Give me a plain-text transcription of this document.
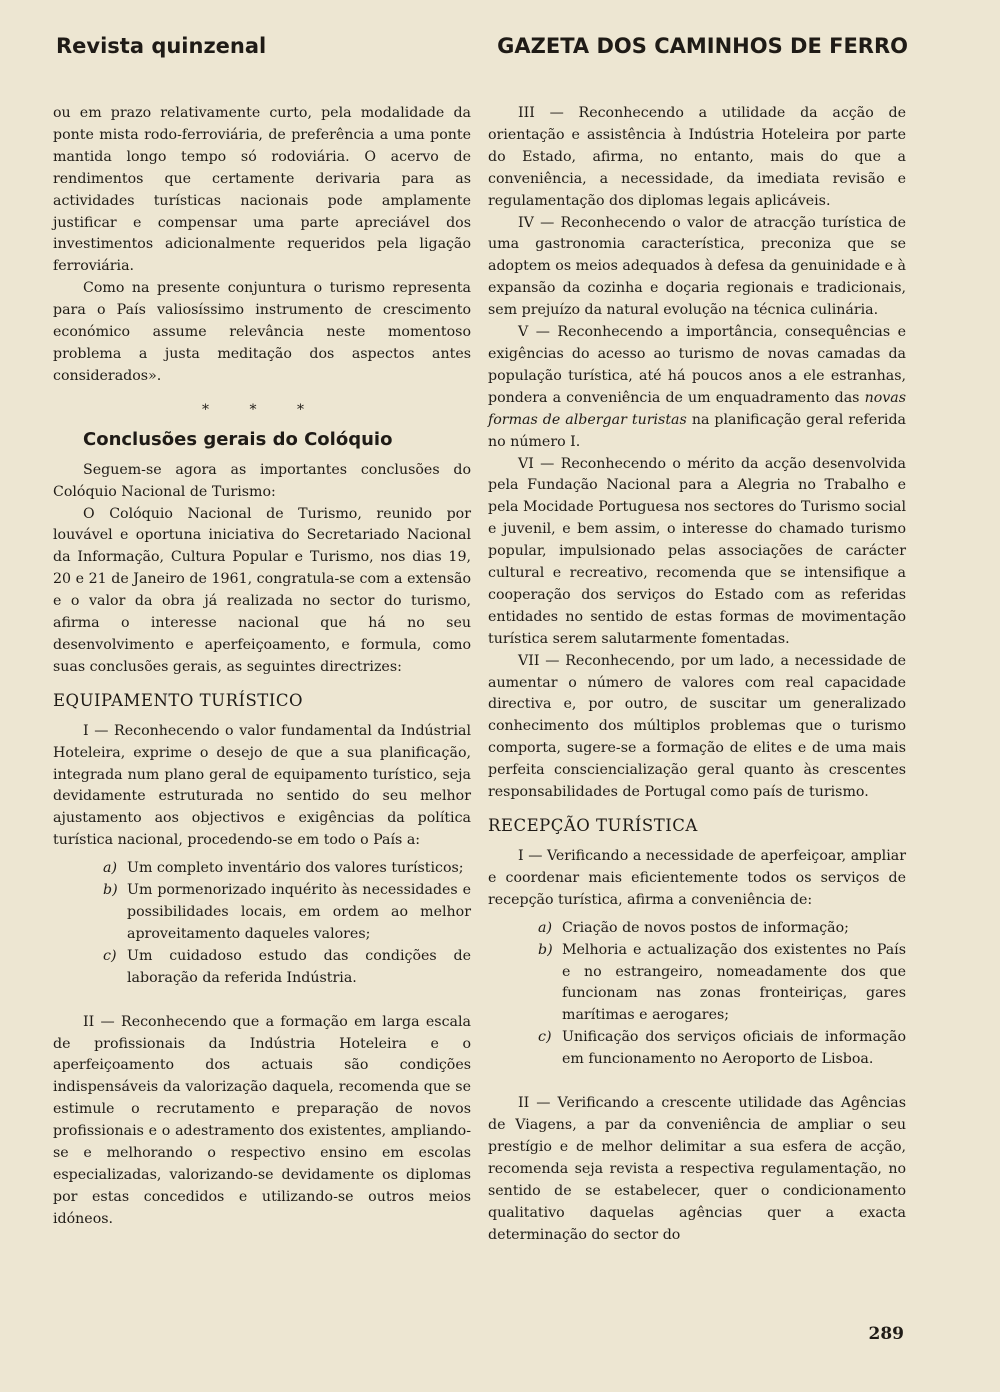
Revista quinzenal	GAZETA DOS CAMINHOS DE FERRO

ou em prazo relativamente curto, pela modalidade da ponte mista rodo-ferroviária, de preferência a uma ponte mantida longo tempo só rodoviária. O acervo de rendimentos que certamente derivaria para as actividades turísticas nacionais pode amplamente justificar e compensar uma parte apreciável dos investimentos adicionalmente requeridos pela ligação ferroviária.

Como na presente conjuntura o turismo representa para o País valiosíssimo instrumento de crescimento económico assume relevância neste momentoso problema a justa meditação dos aspectos antes considerados».

* * *
Conclusões gerais do Colóquio

Seguem-se agora as importantes conclusões do Colóquio Nacional de Turismo:

O Colóquio Nacional de Turismo, reunido por louvável e oportuna iniciativa do Secretariado Nacional da Informação, Cultura Popular e Turismo, nos dias 19, 20 e 21 de Janeiro de 1961, congratula-se com a extensão e o valor da obra já realizada no sector do turismo, afirma o interesse nacional que há no seu desenvolvimento e aperfeiçoamento, e formula, como suas conclusões gerais, as seguintes directrizes:

EQUIPAMENTO TURÍSTICO

I — Reconhecendo o valor fundamental da Indústrial Hoteleira, exprime o desejo de que a sua planificação, integrada num plano geral de equipamento turístico, seja devidamente estruturada no sentido do seu melhor ajustamento aos objectivos e exigências da política turística nacional, procedendo-se em todo o País a:

a) Um completo inventário dos valores turísticos;
b) Um pormenorizado inquérito às necessidades e possibilidades locais, em ordem ao melhor aproveitamento daqueles valores;
c) Um cuidadoso estudo das condições de laboração da referida Indústria.

II — Reconhecendo que a formação em larga escala de profissionais da Indústria Hoteleira e o aperfeiçoamento dos actuais são condições indispensáveis da valorização daquela, recomenda que se estimule o recrutamento e preparação de novos profissionais e o adestramento dos existentes, ampliando-se e melhorando o respectivo ensino em escolas especializadas, valorizando-se devidamente os diplomas por estas concedidos e utilizando-se outros meios idóneos.

III — Reconhecendo a utilidade da acção de orientação e assistência à Indústria Hoteleira por parte do Estado, afirma, no entanto, mais do que a conveniência, a necessidade, da imediata revisão e regulamentação dos diplomas legais aplicáveis.

IV — Reconhecendo o valor de atracção turística de uma gastronomia característica, preconiza que se adoptem os meios adequados à defesa da genuinidade e à expansão da cozinha e doçaria regionais e tradicionais, sem prejuízo da natural evolução na técnica culinária.

V — Reconhecendo a importância, consequências e exigências do acesso ao turismo de novas camadas da população turística, até há poucos anos a ele estranhas, pondera a conveniência de um enquadramento das novas formas de albergar turistas na planificação geral referida no número I.

VI — Reconhecendo o mérito da acção desenvolvida pela Fundação Nacional para a Alegria no Trabalho e pela Mocidade Portuguesa nos sectores do Turismo social e juvenil, e bem assim, o interesse do chamado turismo popular, impulsionado pelas associações de carácter cultural e recreativo, recomenda que se intensifique a cooperação dos serviços do Estado com as referidas entidades no sentido de estas formas de movimentação turística serem salutarmente fomentadas.

VII — Reconhecendo, por um lado, a necessidade de aumentar o número de valores com real capacidade directiva e, por outro, de suscitar um generalizado conhecimento dos múltiplos problemas que o turismo comporta, sugere-se a formação de elites e de uma mais perfeita consciencialização geral quanto às crescentes responsabilidades de Portugal como país de turismo.

RECEPÇÃO TURÍSTICA

I — Verificando a necessidade de aperfeiçoar, ampliar e coordenar mais eficientemente todos os serviços de recepção turística, afirma a conveniência de:

a) Criação de novos postos de informação;
b) Melhoria e actualização dos existentes no País e no estrangeiro, nomeadamente dos que funcionam nas zonas fronteiriças, gares marítimas e aerogares;
c) Unificação dos serviços oficiais de informação em funcionamento no Aeroporto de Lisboa.

II — Verificando a crescente utilidade das Agências de Viagens, a par da conveniência de ampliar o seu prestígio e de melhor delimitar a sua esfera de acção, recomenda seja revista a respectiva regulamentação, no sentido de se estabelecer, quer o condicionamento qualitativo daquelas agências quer a exacta determinação do sector do

289
